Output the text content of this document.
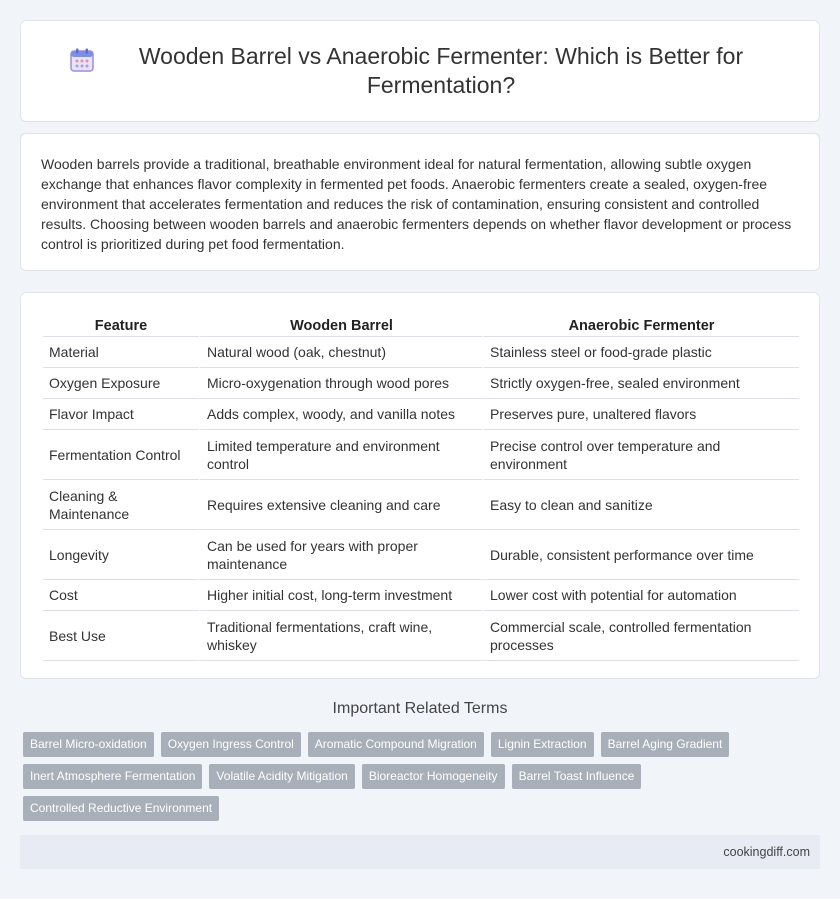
Wooden Barrel vs Anaerobic Fermenter: Which is Better for Fermentation?

Wooden barrels provide a traditional, breathable environment ideal for natural fermentation, allowing subtle oxygen exchange that enhances flavor complexity in fermented pet foods. Anaerobic fermenters create a sealed, oxygen-free environment that accelerates fermentation and reduces the risk of contamination, ensuring consistent and controlled results. Choosing between wooden barrels and anaerobic fermenters depends on whether flavor development or process control is prioritized during pet food fermentation.

Feature	Wooden Barrel	Anaerobic Fermenter
Material	Natural wood (oak, chestnut)	Stainless steel or food-grade plastic
Oxygen Exposure	Micro-oxygenation through wood pores	Strictly oxygen-free, sealed environment
Flavor Impact	Adds complex, woody, and vanilla notes	Preserves pure, unaltered flavors
Fermentation Control	Limited temperature and environment control	Precise control over temperature and environment
Cleaning & Maintenance	Requires extensive cleaning and care	Easy to clean and sanitize
Longevity	Can be used for years with proper maintenance	Durable, consistent performance over time
Cost	Higher initial cost, long-term investment	Lower cost with potential for automation
Best Use	Traditional fermentations, craft wine, whiskey	Commercial scale, controlled fermentation processes
Important Related Terms
Barrel Micro-oxidation	Oxygen Ingress Control	Aromatic Compound Migration	Lignin Extraction	Barrel Aging Gradient
Inert Atmosphere Fermentation	Volatile Acidity Mitigation	Bioreactor Homogeneity	Barrel Toast Influence
Controlled Reductive Environment
cookingdiff.com
